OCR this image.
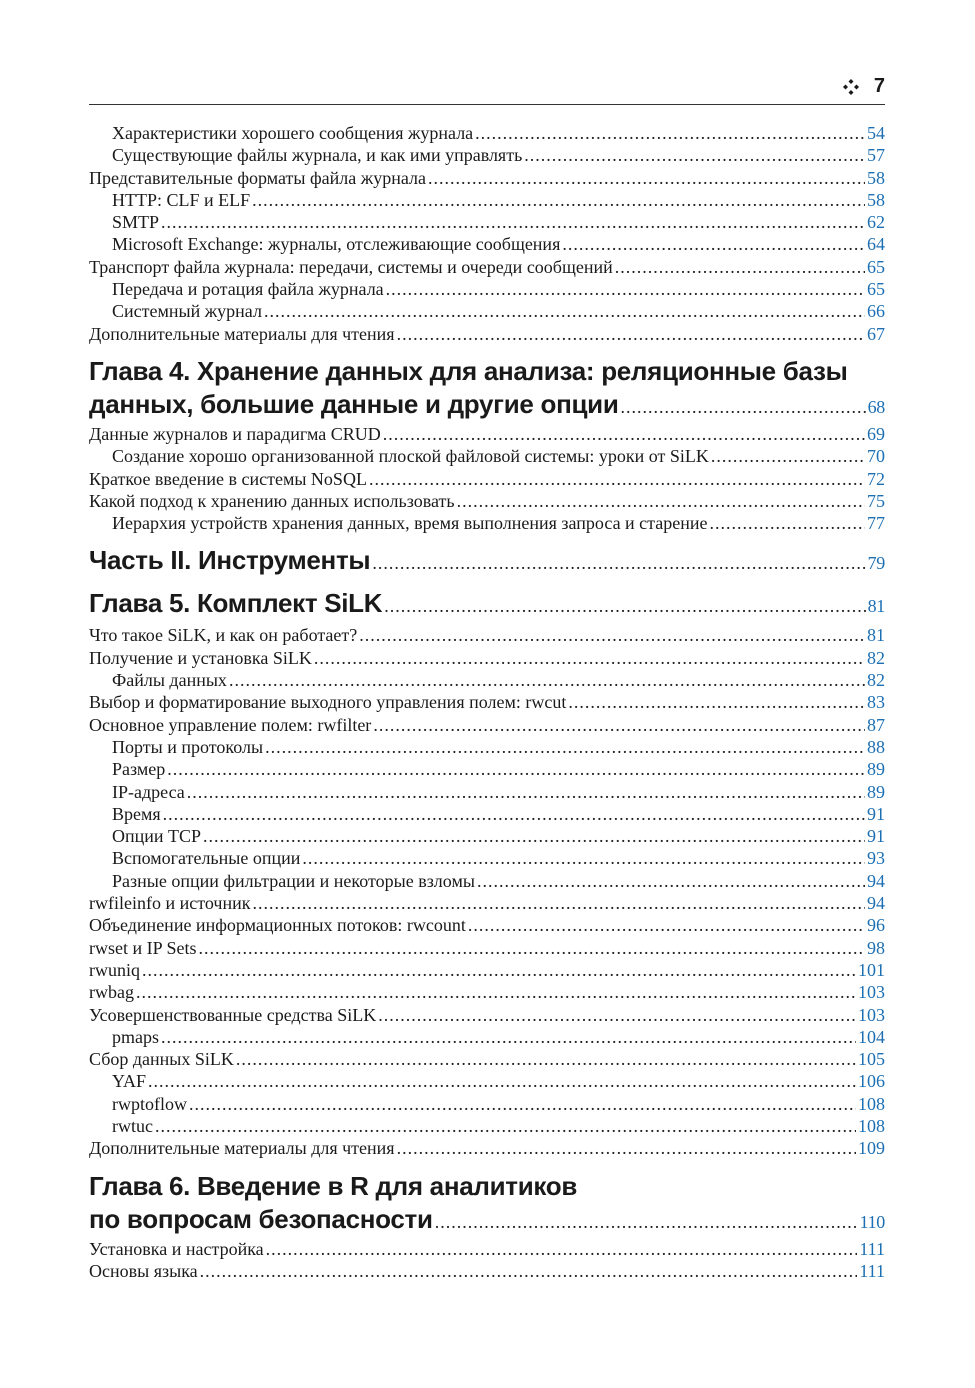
7
Характеристики хорошего сообщения журнала .....	54
Существующие файлы журнала, и как ими управлять .....	57
Представительные форматы файла журнала .....	58
HTTP: CLF и ELF .....	58
SMTP .....	62
Microsoft Exchange: журналы, отслеживающие сообщения .....	64
Транспорт файла журнала: передачи, системы и очереди сообщений .....	65
Передача и ротация файла журнала .....	65
Системный журнал .....	66
Дополнительные материалы для чтения .....	67
Глава 4. Хранение данных для анализа: реляционные базы
данных, большие данные и другие опции .....	68
Данные журналов и парадигма CRUD .....	69
Создание хорошо организованной плоской файловой системы: уроки от SiLK .....	70
Краткое введение в системы NoSQL .....	72
Какой подход к хранению данных использовать .....	75
Иерархия устройств хранения данных, время выполнения запроса и старение .....	77
Часть II. Инструменты .....	79
Глава 5. Комплект SiLK .....	81
Что такое SiLK, и как он работает? .....	81
Получение и установка SiLK .....	82
Файлы данных .....	82
Выбор и форматирование выходного управления полем: rwcut .....	83
Основное управление полем: rwfilter .....	87
Порты и протоколы .....	88
Размер .....	89
IP-адреса .....	89
Время .....	91
Опции TCP .....	91
Вспомогательные опции .....	93
Разные опции фильтрации и некоторые взломы .....	94
rwfileinfo и источник .....	94
Объединение информационных потоков: rwcount .....	96
rwset и IP Sets .....	98
rwuniq .....	101
rwbag .....	103
Усовершенствованные средства SiLK .....	103
pmaps .....	104
Сбор данных SiLK .....	105
YAF .....	106
rwptoflow .....	108
rwtuc .....	108
Дополнительные материалы для чтения .....	109
Глава 6. Введение в R для аналитиков
по вопросам безопасности .....	110
Установка и настройка .....	111
Основы языка .....	111
